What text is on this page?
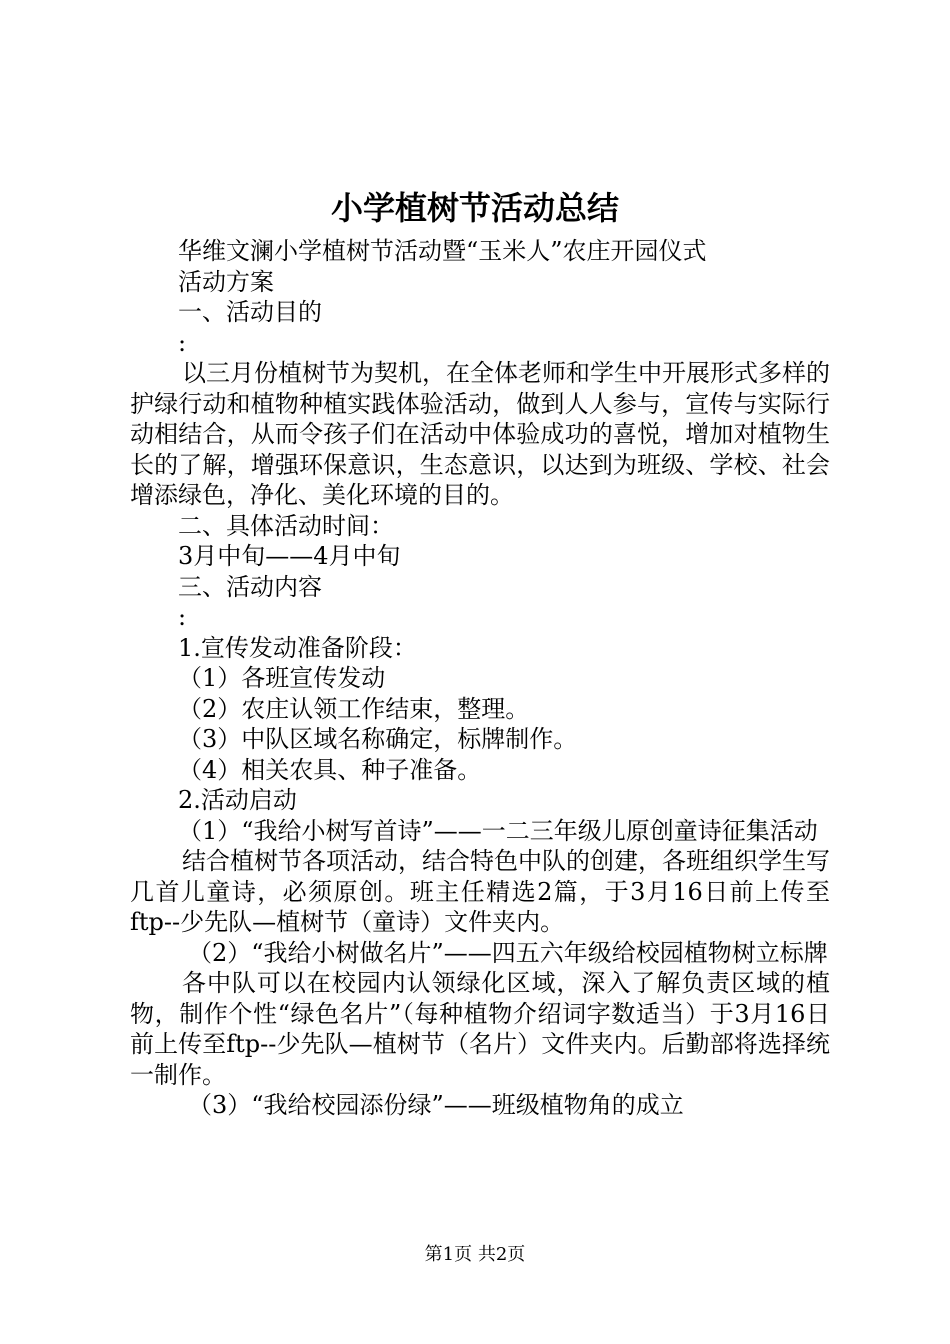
小学植树节活动总结
华维文澜小学植树节活动暨“玉米人”农庄开园仪式
活动方案
一、活动目的
:
以三月份植树节为契机，在全体老师和学生中开展形式多样的护绿行动和植物种植实践体验活动，做到人人参与，宣传与实际行动相结合，从而令孩子们在活动中体验成功的喜悦，增加对植物生长的了解，增强环保意识，生态意识，以达到为班级、学校、社会增添绿色，净化、美化环境的目的。
二、具体活动时间：
3月中旬——4月中旬
三、活动内容
:
1.宣传发动准备阶段：
（1）各班宣传发动
（2）农庄认领工作结束，整理。
（3）中队区域名称确定，标牌制作。
（4）相关农具、种子准备。
2.活动启动
（1）“我给小树写首诗”——一二三年级儿原创童诗征集活动
结合植树节各项活动，结合特色中队的创建，各班组织学生写几首儿童诗，必须原创。班主任精选2篇，于3月16日前上传至ftp--少先队—植树节（童诗）文件夹内。
（2）“我给小树做名片”——四五六年级给校园植物树立标牌
各中队可以在校园内认领绿化区域，深入了解负责区域的植物，制作个性“绿色名片”（每种植物介绍词字数适当）于3月16日前上传至ftp--少先队—植树节（名片）文件夹内。后勤部将选择统一制作。
（3）“我给校园添份绿”——班级植物角的成立
第1页 共2页
